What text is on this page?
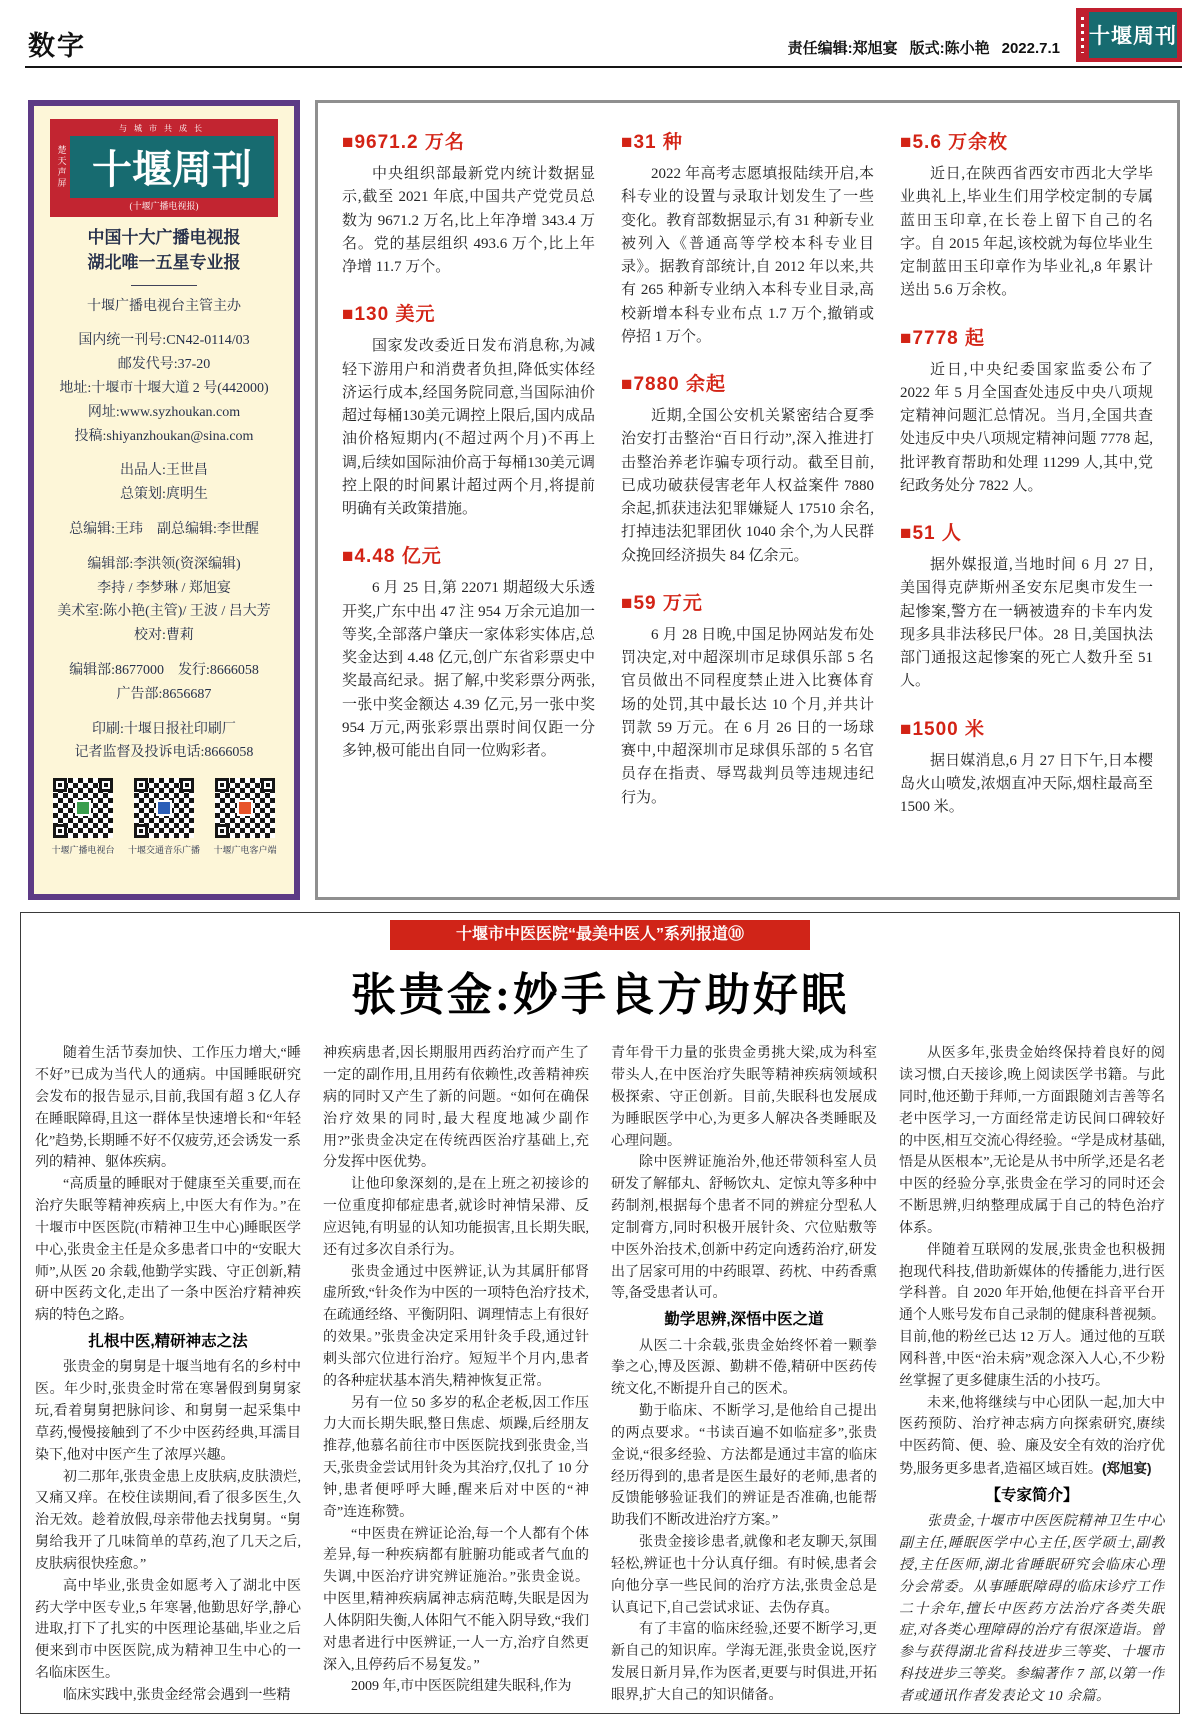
数字	责任编辑:郑旭宴 版式:陈小艳 2022.7.1
十堰周刊
与城市共成长
楚天声屏 十堰周刊
(十堰广播电视报)
中国十大广播电视报
湖北唯一五星专业报
十堰广播电视台主管主办
国内统一刊号:CN42-0114/03
邮发代号:37-20
地址:十堰市十堰大道 2 号(442000)
网址:www.syzhoukan.com
投稿:shiyanzhoukan@sina.com
出品人:王世昌
总策划:庹明生
总编辑:王玮　副总编辑:李世醒
编辑部:李洪领(资深编辑)
李持 / 李梦琳 / 郑旭宴
美术室:陈小艳(主管)/ 王波 / 吕大芳
校对:曹莉
编辑部:8677000　发行:8666058
广告部:8656687
印刷:十堰日报社印刷厂
记者监督及投诉电话:8666058
十堰广播电视台	十堰交通音乐广播	十堰广电客户端
■9671.2 万名
中央组织部最新党内统计数据显示,截至 2021 年底,中国共产党党员总数为 9671.2 万名,比上年净增 343.4 万名。党的基层组织 493.6 万个,比上年净增 11.7 万个。
■130 美元
国家发改委近日发布消息称,为减轻下游用户和消费者负担,降低实体经济运行成本,经国务院同意,当国际油价超过每桶130美元调控上限后,国内成品油价格短期内(不超过两个月)不再上调,后续如国际油价高于每桶130美元调控上限的时间累计超过两个月,将提前明确有关政策措施。
■4.48 亿元
6 月 25 日,第 22071 期超级大乐透开奖,广东中出 47 注 954 万余元追加一等奖,全部落户肇庆一家体彩实体店,总奖金达到 4.48 亿元,创广东省彩票史中奖最高纪录。据了解,中奖彩票分两张,一张中奖金额达 4.39 亿元,另一张中奖 954 万元,两张彩票出票时间仅距一分多钟,极可能出自同一位购彩者。
■31 种
2022 年高考志愿填报陆续开启,本科专业的设置与录取计划发生了一些变化。教育部数据显示,有 31 种新专业被列入《普通高等学校本科专业目录》。据教育部统计,自 2012 年以来,共有 265 种新专业纳入本科专业目录,高校新增本科专业布点 1.7 万个,撤销或停招 1 万个。
■7880 余起
近期,全国公安机关紧密结合夏季治安打击整治“百日行动”,深入推进打击整治养老诈骗专项行动。截至目前,已成功破获侵害老年人权益案件 7880 余起,抓获违法犯罪嫌疑人 17510 余名,打掉违法犯罪团伙 1040 余个,为人民群众挽回经济损失 84 亿余元。
■59 万元
6 月 28 日晚,中国足协网站发布处罚决定,对中超深圳市足球俱乐部 5 名官员做出不同程度禁止进入比赛体育场的处罚,其中最长达 10 个月,并共计罚款 59 万元。在 6 月 26 日的一场球赛中,中超深圳市足球俱乐部的 5 名官员存在指责、辱骂裁判员等违规违纪行为。
■5.6 万余枚
近日,在陕西省西安市西北大学毕业典礼上,毕业生们用学校定制的专属蓝田玉印章,在长卷上留下自己的名字。自 2015 年起,该校就为每位毕业生定制蓝田玉印章作为毕业礼,8 年累计送出 5.6 万余枚。
■7778 起
近日,中央纪委国家监委公布了 2022 年 5 月全国查处违反中央八项规定精神问题汇总情况。当月,全国共查处违反中央八项规定精神问题 7778 起,批评教育帮助和处理 11299 人,其中,党纪政务处分 7822 人。
■51 人
据外媒报道,当地时间 6 月 27 日,美国得克萨斯州圣安东尼奥市发生一起惨案,警方在一辆被遗弃的卡车内发现多具非法移民尸体。28 日,美国执法部门通报这起惨案的死亡人数升至 51 人。
■1500 米
据日媒消息,6 月 27 日下午,日本樱岛火山喷发,浓烟直冲天际,烟柱最高至 1500 米。
十堰市中医医院“最美中医人”系列报道⑩
张贵金:妙手良方助好眠

随着生活节奏加快、工作压力增大,“睡不好”已成为当代人的通病。中国睡眠研究会发布的报告显示,目前,我国有超 3 亿人存在睡眠障碍,且这一群体呈快速增长和“年轻化”趋势,长期睡不好不仅疲劳,还会诱发一系列的精神、躯体疾病。

“高质量的睡眠对于健康至关重要,而在治疗失眠等精神疾病上,中医大有作为。”在十堰市中医医院(市精神卫生中心)睡眠医学中心,张贵金主任是众多患者口中的“安眠大师”,从医 20 余载,他勤学实践、守正创新,精研中医药文化,走出了一条中医治疗精神疾病的特色之路。

扎根中医,精研神志之法

张贵金的舅舅是十堰当地有名的乡村中医。年少时,张贵金时常在寒暑假到舅舅家玩,看着舅舅把脉问诊、和舅舅一起采集中草药,慢慢接触到了不少中医药经典,耳濡目染下,他对中医产生了浓厚兴趣。

初二那年,张贵金患上皮肤病,皮肤溃烂,又痛又痒。在校住读期间,看了很多医生,久治无效。趁着放假,母亲带他去找舅舅。“舅舅给我开了几味简单的草药,泡了几天之后,皮肤病很快痊愈。”

高中毕业,张贵金如愿考入了湖北中医药大学中医专业,5 年寒暑,他勤思好学,静心进取,打下了扎实的中医理论基础,毕业之后便来到市中医医院,成为精神卫生中心的一名临床医生。

临床实践中,张贵金经常会遇到一些精

神疾病患者,因长期服用西药治疗而产生了一定的副作用,且用药有依赖性,改善精神疾病的同时又产生了新的问题。“如何在确保治疗效果的同时,最大程度地减少副作用?”张贵金决定在传统西医治疗基础上,充分发挥中医优势。

让他印象深刻的,是在上班之初接诊的一位重度抑郁症患者,就诊时神情呆滞、反应迟钝,有明显的认知功能损害,且长期失眠,还有过多次自杀行为。

张贵金通过中医辨证,认为其属肝郁肾虚所致,“针灸作为中医的一项特色治疗技术,在疏通经络、平衡阴阳、调理情志上有很好的效果。”张贵金决定采用针灸手段,通过针刺头部穴位进行治疗。短短半个月内,患者的各种症状基本消失,精神恢复正常。

另有一位 50 多岁的私企老板,因工作压力大而长期失眠,整日焦虑、烦躁,后经朋友推荐,他慕名前往市中医医院找到张贵金,当天,张贵金尝试用针灸为其治疗,仅扎了 10 分钟,患者便呼呼大睡,醒来后对中医的“神奇”连连称赞。

“中医贵在辨证论治,每一个人都有个体差异,每一种疾病都有脏腑功能或者气血的失调,中医治疗讲究辨证施治。”张贵金说。中医里,精神疾病属神志病范畴,失眠是因为人体阴阳失衡,人体阳气不能入阴导致,“我们对患者进行中医辨证,一人一方,治疗自然更深入,且停药后不易复发。”

2009 年,市中医医院组建失眠科,作为

青年骨干力量的张贵金勇挑大梁,成为科室带头人,在中医治疗失眠等精神疾病领域积极探索、守正创新。目前,失眠科也发展成为睡眠医学中心,为更多人解决各类睡眠及心理问题。

除中医辨证施治外,他还带领科室人员研发了解郁丸、舒畅饮丸、定惊丸等多种中药制剂,根据每个患者不同的辨症分型私人定制膏方,同时积极开展针灸、穴位贴敷等中医外治技术,创新中药定向透药治疗,研发出了居家可用的中药眼罩、药枕、中药香熏等,备受患者认可。

勤学思辨,深悟中医之道

从医二十余载,张贵金始终怀着一颗拳拳之心,博及医源、勤耕不倦,精研中医药传统文化,不断提升自己的医术。

勤于临床、不断学习,是他给自己提出的两点要求。“书读百遍不如临症多”,张贵金说,“很多经验、方法都是通过丰富的临床经历得到的,患者是医生最好的老师,患者的反馈能够验证我们的辨证是否准确,也能帮助我们不断改进治疗方案。”

张贵金接诊患者,就像和老友聊天,氛围轻松,辨证也十分认真仔细。有时候,患者会向他分享一些民间的治疗方法,张贵金总是认真记下,自己尝试求证、去伪存真。

有了丰富的临床经验,还要不断学习,更新自己的知识库。学海无涯,张贵金说,医疗发展日新月异,作为医者,更要与时俱进,开拓眼界,扩大自己的知识储备。

从医多年,张贵金始终保持着良好的阅读习惯,白天接诊,晚上阅读医学书籍。与此同时,他还勤于拜师,一方面跟随刘吉善等名老中医学习,一方面经常走访民间口碑较好的中医,相互交流心得经验。“学是成材基础,悟是从医根本”,无论是从书中所学,还是名老中医的经验分享,张贵金在学习的同时还会不断思辨,归纳整理成属于自己的特色治疗体系。

伴随着互联网的发展,张贵金也积极拥抱现代科技,借助新媒体的传播能力,进行医学科普。自 2020 年开始,他便在抖音平台开通个人账号发布自己录制的健康科普视频。目前,他的粉丝已达 12 万人。通过他的互联网科普,中医“治未病”观念深入人心,不少粉丝掌握了更多健康生活的小技巧。

未来,他将继续与中心团队一起,加大中医药预防、治疗神志病方向探索研究,赓续中医药简、便、验、廉及安全有效的治疗优势,服务更多患者,造福区域百姓。(郑旭宴)

【专家简介】

张贵金,十堰市中医医院精神卫生中心副主任,睡眠医学中心主任,医学硕士,副教授,主任医师,湖北省睡眠研究会临床心理分会常委。从事睡眠障碍的临床诊疗工作二十余年,擅长中医药方法治疗各类失眠症,对各类心理障碍的治疗有很深造诣。曾参与获得湖北省科技进步三等奖、十堰市科技进步三等奖。参编著作 7 部,以第一作者或通讯作者发表论文 10 余篇。
